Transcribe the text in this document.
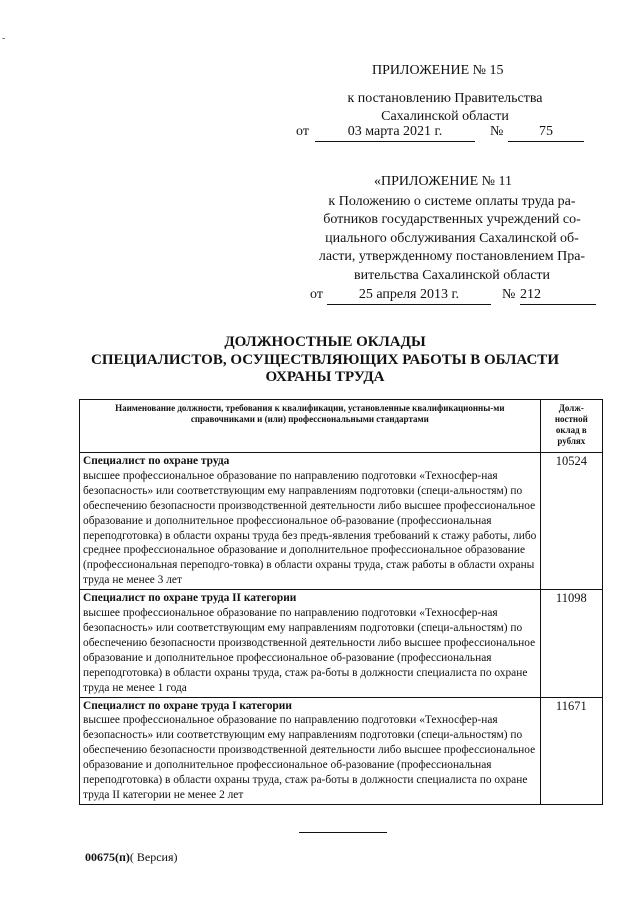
-
ПРИЛОЖЕНИЕ № 15
к постановлению Правительства
Сахалинской области
от	03 марта 2021 г.	№	75
«ПРИЛОЖЕНИЕ № 11
к Положению о системе оплаты труда ра-
ботников государственных учреждений со-
циального обслуживания Сахалинской об-
ласти, утвержденному постановлением Пра-
вительства Сахалинской области
от	25 апреля 2013 г.	№ 212
ДОЛЖНОСТНЫЕ ОКЛАДЫ
СПЕЦИАЛИСТОВ, ОСУЩЕСТВЛЯЮЩИХ РАБОТЫ В ОБЛАСТИ
ОХРАНЫ ТРУДА
Наименование должности, требования к квалификации, установленные квалификационны-ми справочниками и (или) профессиональными стандартами	Долж-ностной оклад в рублях

Специалист по охране труда
высшее профессиональное образование по направлению подготовки «Техносфер-ная безопасность» или соответствующим ему направлениям подготовки (специ-альностям) по обеспечению безопасности производственной деятельности либо высшее профессиональное образование и дополнительное профессиональное об-разование (профессиональная переподготовка) в области охраны труда без предъ-явления требований к стажу работы, либо среднее профессиональное образование и дополнительное профессиональное образование (профессиональная переподго-товка) в области охраны труда, стаж работы в области охраны труда не менее 3 лет	10524

Специалист по охране труда II категории
высшее профессиональное образование по направлению подготовки «Техносфер-ная безопасность» или соответствующим ему направлениям подготовки (специ-альностям) по обеспечению безопасности производственной деятельности либо высшее профессиональное образование и дополнительное профессиональное об-разование (профессиональная переподготовка) в области охраны труда, стаж ра-боты в должности специалиста по охране труда не менее 1 года	11098

Специалист по охране труда I категории
высшее профессиональное образование по направлению подготовки «Техносфер-ная безопасность» или соответствующим ему направлениям подготовки (специ-альностям) по обеспечению безопасности производственной деятельности либо высшее профессиональное образование и дополнительное профессиональное об-разование (профессиональная переподготовка) в области охраны труда, стаж ра-боты в должности специалиста по охране труда II категории не менее 2 лет	11671
00675(п)( Версия)
